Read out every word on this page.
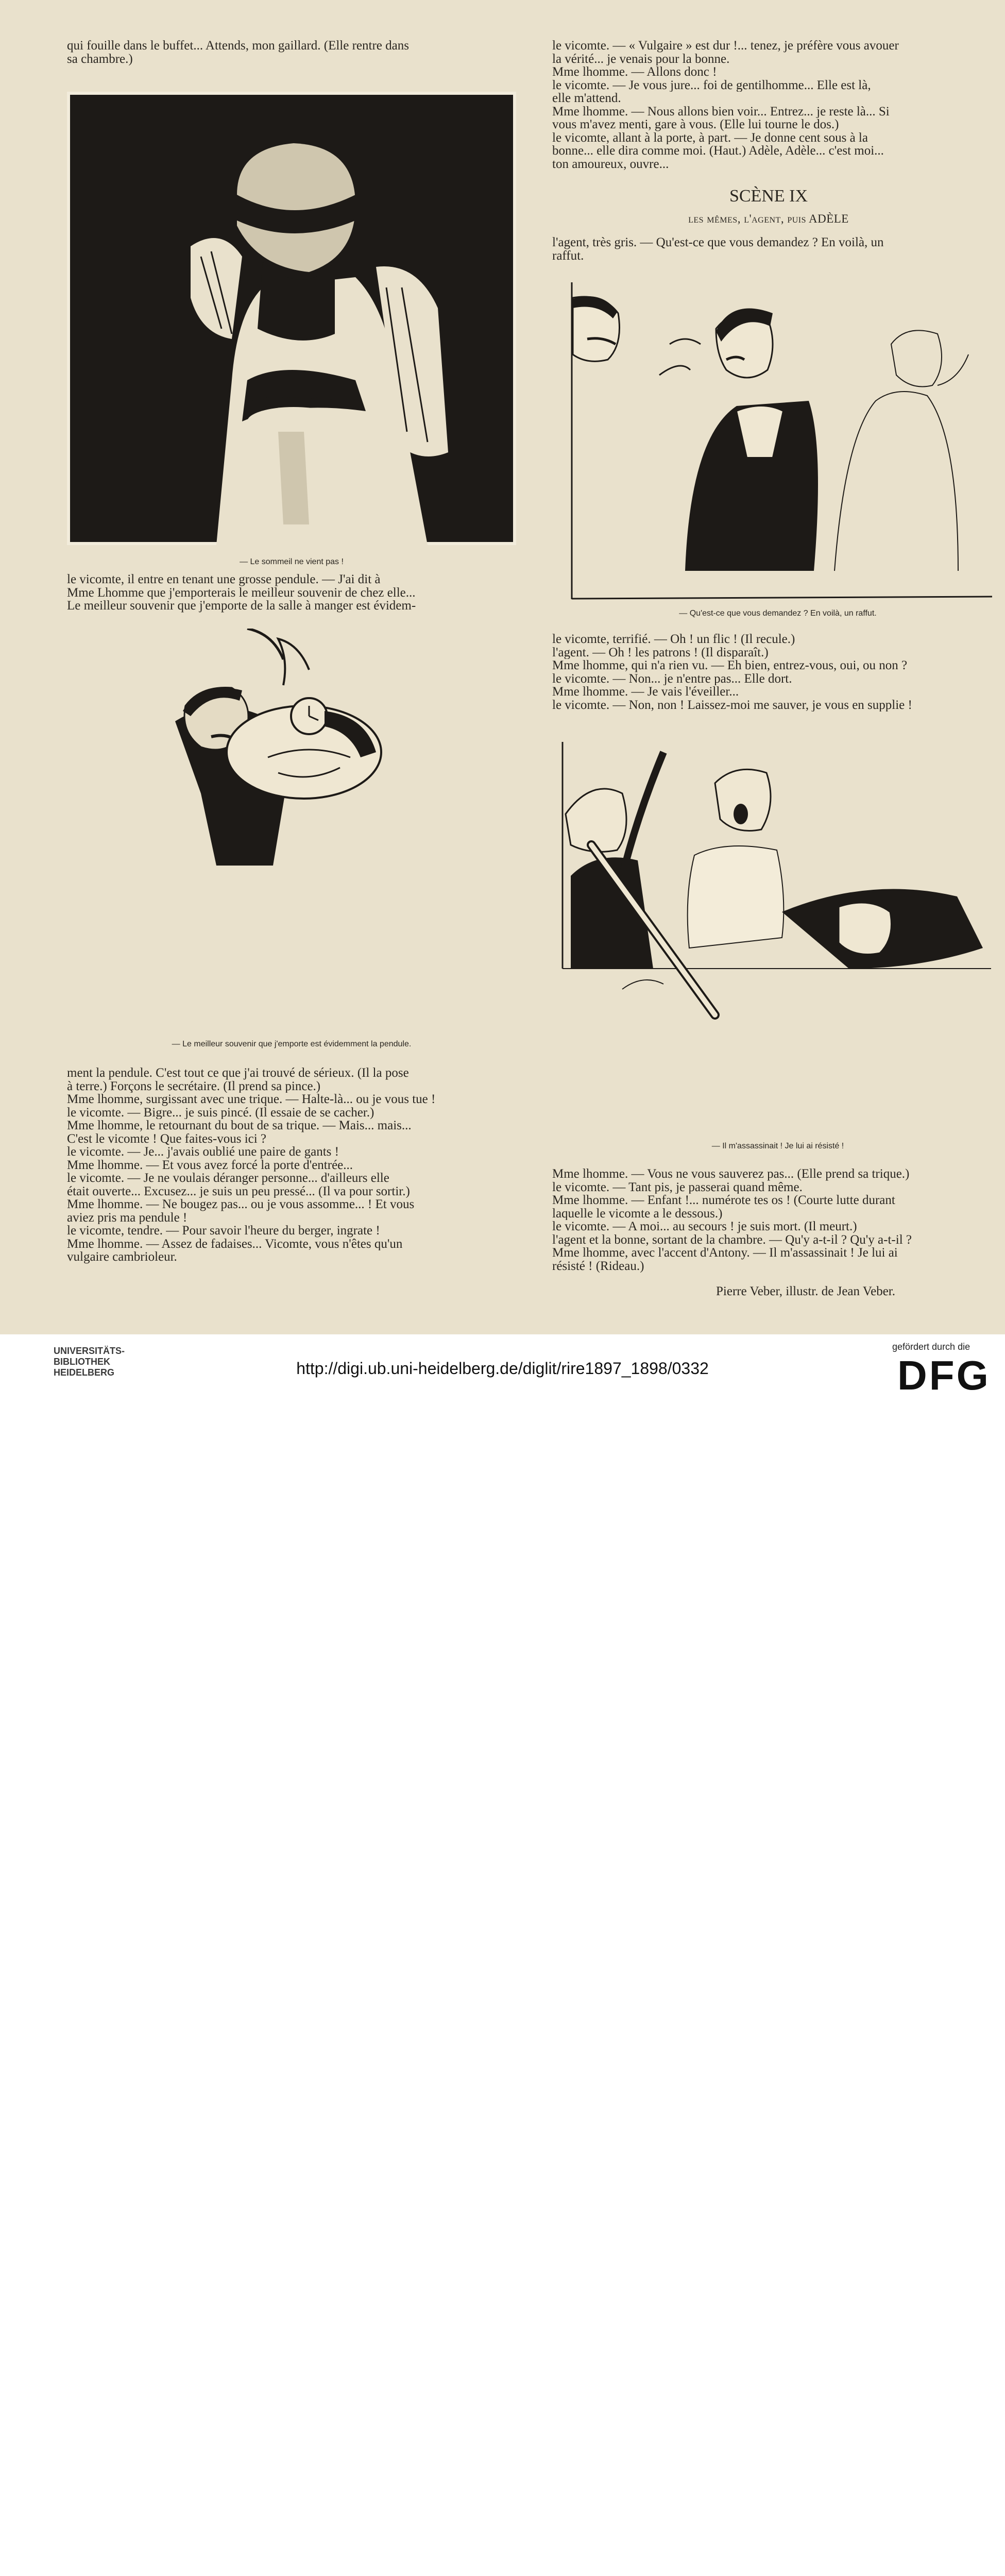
qui fouille dans le buffet... Attends, mon gaillard. (Elle rentre dans
sa chambre.)
— Le sommeil ne vient pas !
le vicomte, il entre en tenant une grosse pendule. — J'ai dit à
Mme Lhomme que j'emporterais le meilleur souvenir de chez elle...
Le meilleur souvenir que j'emporte de la salle à manger est évidem-
— Le meilleur souvenir que j'emporte est évidemment la pendule.
ment la pendule. C'est tout ce que j'ai trouvé de sérieux. (Il la pose
à terre.) Forçons le secrétaire. (Il prend sa pince.)
Mme lhomme, surgissant avec une trique. — Halte-là... ou je vous tue !
le vicomte. — Bigre... je suis pincé. (Il essaie de se cacher.)
Mme lhomme, le retournant du bout de sa trique. — Mais... mais...
C'est le vicomte ! Que faites-vous ici ?
le vicomte. — Je... j'avais oublié une paire de gants !
Mme lhomme. — Et vous avez forcé la porte d'entrée...
le vicomte. — Je ne voulais déranger personne... d'ailleurs elle
était ouverte... Excusez... je suis un peu pressé... (Il va pour sortir.)
Mme lhomme. — Ne bougez pas... ou je vous assomme... ! Et vous
aviez pris ma pendule !
le vicomte, tendre. — Pour savoir l'heure du berger, ingrate !
Mme lhomme. — Assez de fadaises... Vicomte, vous n'êtes qu'un
vulgaire cambrioleur.
le vicomte. — « Vulgaire » est dur !... tenez, je préfère vous avouer
la vérité... je venais pour la bonne.
Mme lhomme. — Allons donc !
le vicomte. — Je vous jure... foi de gentilhomme... Elle est là,
elle m'attend.
Mme lhomme. — Nous allons bien voir... Entrez... je reste là... Si
vous m'avez menti, gare à vous. (Elle lui tourne le dos.)
le vicomte, allant à la porte, à part. — Je donne cent sous à la
bonne... elle dira comme moi. (Haut.) Adèle, Adèle... c'est moi...
ton amoureux, ouvre...
SCÈNE IX
les mêmes, l'agent, puis ADÈLE
l'agent, très gris. — Qu'est-ce que vous demandez ? En voilà, un
raffut.
— Qu'est-ce que vous demandez ? En voilà, un raffut.
le vicomte, terrifié. — Oh ! un flic ! (Il recule.)
l'agent. — Oh ! les patrons ! (Il disparaît.)
Mme lhomme, qui n'a rien vu. — Eh bien, entrez-vous, oui, ou non ?
le vicomte. — Non... je n'entre pas... Elle dort.
Mme lhomme. — Je vais l'éveiller...
le vicomte. — Non, non ! Laissez-moi me sauver, je vous en supplie !
— Il m'assassinait ! Je lui ai résisté !
Mme lhomme. — Vous ne vous sauverez pas... (Elle prend sa trique.)
le vicomte. — Tant pis, je passerai quand même.
Mme lhomme. — Enfant !... numérote tes os ! (Courte lutte durant
laquelle le vicomte a le dessous.)
le vicomte. — A moi... au secours ! je suis mort. (Il meurt.)
l'agent et la bonne, sortant de la chambre. — Qu'y a-t-il ? Qu'y a-t-il ?
Mme lhomme, avec l'accent d'Antony. — Il m'assassinait ! Je lui ai
résisté ! (Rideau.)
Pierre Veber, illustr. de Jean Veber.
UNIVERSITÄTS-
BIBLIOTHEK
HEIDELBERG	http://digi.ub.uni-heidelberg.de/diglit/rire1897_1898/0332
gefördert durch die
DFG
